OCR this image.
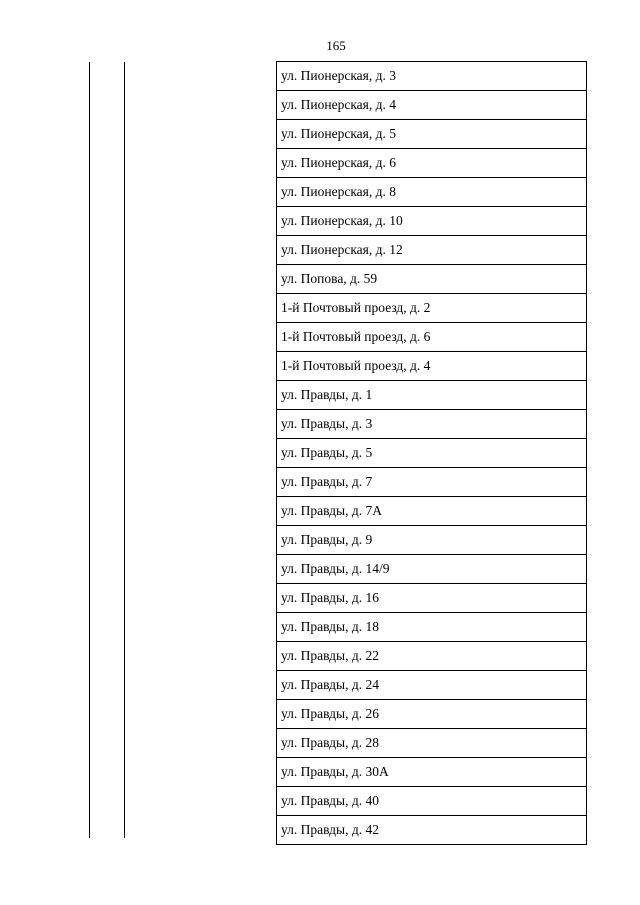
165
ул. Пионерская, д. 3
ул. Пионерская, д. 4
ул. Пионерская, д. 5
ул. Пионерская, д. 6
ул. Пионерская, д. 8
ул. Пионерская, д. 10
ул. Пионерская, д. 12
ул. Попова, д. 59
1-й Почтовый проезд, д. 2
1-й Почтовый проезд, д. 6
1-й Почтовый проезд, д. 4
ул. Правды, д. 1
ул. Правды, д. 3
ул. Правды, д. 5
ул. Правды, д. 7
ул. Правды, д. 7А
ул. Правды, д. 9
ул. Правды, д. 14/9
ул. Правды, д. 16
ул. Правды, д. 18
ул. Правды, д. 22
ул. Правды, д. 24
ул. Правды, д. 26
ул. Правды, д. 28
ул. Правды, д. 30А
ул. Правды, д. 40
ул. Правды, д. 42
